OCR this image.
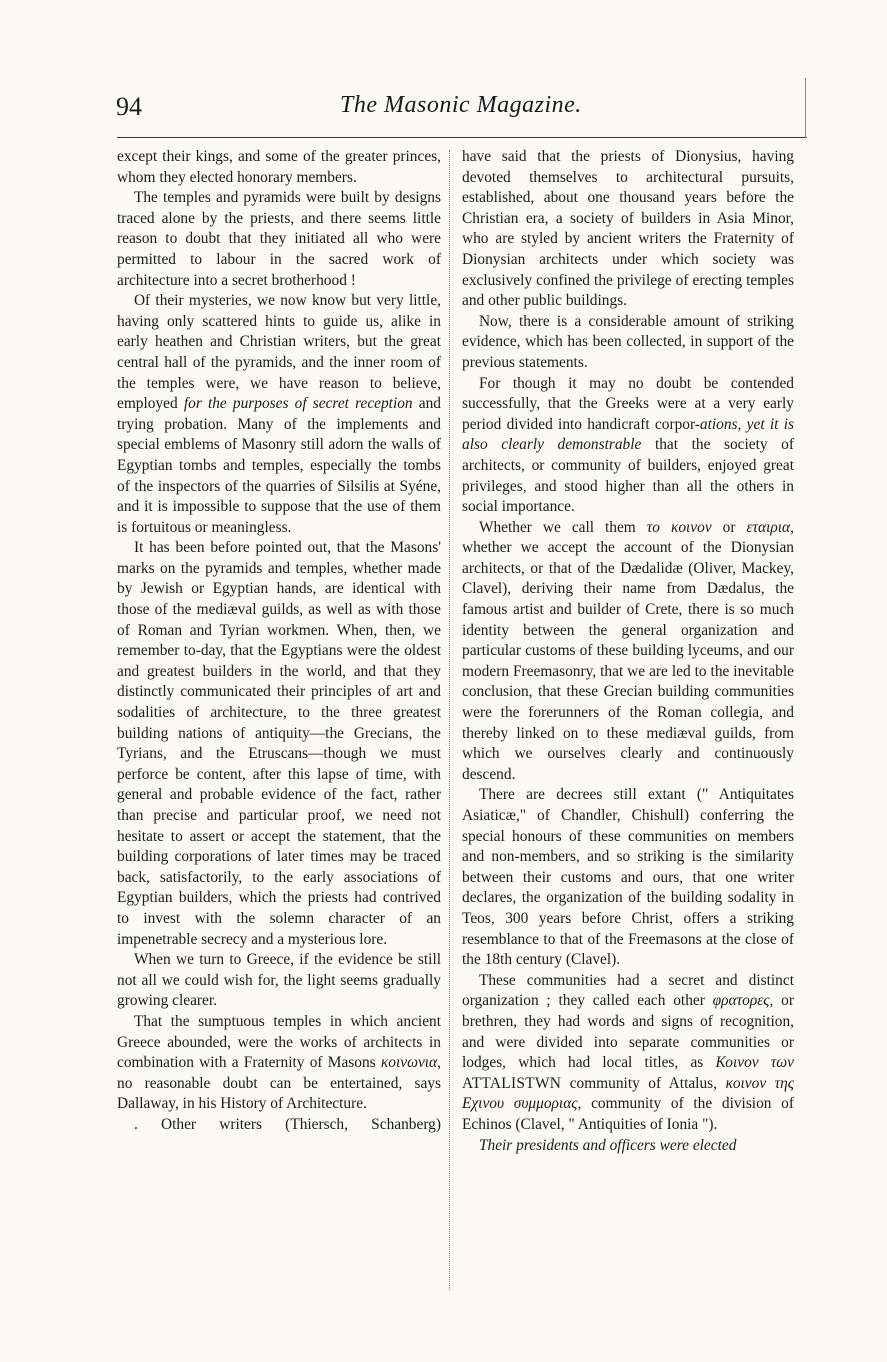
94	The Masonic Magazine.

except their kings, and some of the greater princes, whom they elected honorary members.

The temples and pyramids were built by designs traced alone by the priests, and there seems little reason to doubt that they initiated all who were permitted to labour in the sacred work of architecture into a secret brotherhood !

Of their mysteries, we now know but very little, having only scattered hints to guide us, alike in early heathen and Christian writers, but the great central hall of the pyramids, and the inner room of the temples were, we have reason to believe, employed for the purposes of secret reception and trying probation. Many of the implements and special emblems of Masonry still adorn the walls of Egyptian tombs and temples, especially the tombs of the inspectors of the quarries of Silsilis at Syéne, and it is impossible to suppose that the use of them is fortuitous or meaningless.

It has been before pointed out, that the Masons' marks on the pyramids and temples, whether made by Jewish or Egyptian hands, are identical with those of the mediæval guilds, as well as with those of Roman and Tyrian workmen. When, then, we remember to-day, that the Egyptians were the oldest and greatest builders in the world, and that they distinctly communicated their principles of art and sodalities of architecture, to the three greatest building nations of antiquity—the Grecians, the Tyrians, and the Etruscans—though we must perforce be content, after this lapse of time, with general and probable evidence of the fact, rather than precise and particular proof, we need not hesitate to assert or accept the statement, that the building corporations of later times may be traced back, satisfactorily, to the early associations of Egyptian builders, which the priests had contrived to invest with the solemn character of an impenetrable secrecy and a mysterious lore.

When we turn to Greece, if the evidence be still not all we could wish for, the light seems gradually growing clearer.

That the sumptuous temples in which ancient Greece abounded, were the works of architects in combination with a Fraternity of Masons κοινωνια, no reasonable doubt can be entertained, says Dallaway, in his History of Architecture.

. Other writers (Thiersch, Schanberg)

have said that the priests of Dionysius, having devoted themselves to architectural pursuits, established, about one thousand years before the Christian era, a society of builders in Asia Minor, who are styled by ancient writers the Fraternity of Dionysian architects under which society was exclusively confined the privilege of erecting temples and other public buildings.

Now, there is a considerable amount of striking evidence, which has been collected, in support of the previous statements.

For though it may no doubt be contended successfully, that the Greeks were at a very early period divided into handicraft corpor-ations, yet it is also clearly demonstrable that the society of architects, or community of builders, enjoyed great privileges, and stood higher than all the others in social importance.

Whether we call them το κοινον or εταιρια, whether we accept the account of the Dionysian architects, or that of the Dædalidæ (Oliver, Mackey, Clavel), deriving their name from Dædalus, the famous artist and builder of Crete, there is so much identity between the general organization and particular customs of these building lyceums, and our modern Freemasonry, that we are led to the inevitable conclusion, that these Grecian building communities were the forerunners of the Roman collegia, and thereby linked on to these mediæval guilds, from which we ourselves clearly and continuously descend.

There are decrees still extant (" Antiquitates Asiaticæ," of Chandler, Chishull) conferring the special honours of these communities on members and non-members, and so striking is the similarity between their customs and ours, that one writer declares, the organization of the building sodality in Teos, 300 years before Christ, offers a striking resemblance to that of the Freemasons at the close of the 18th century (Clavel).

These communities had a secret and distinct organization ; they called each other φρατορες, or brethren, they had words and signs of recognition, and were divided into separate communities or lodges, which had local titles, as Κοινον των ATTALISTWN community of Attalus, κοινον της Εχινου συμμοριας, community of the division of Echinos (Clavel, " Antiquities of Ionia ").

Their presidents and officers were elected
